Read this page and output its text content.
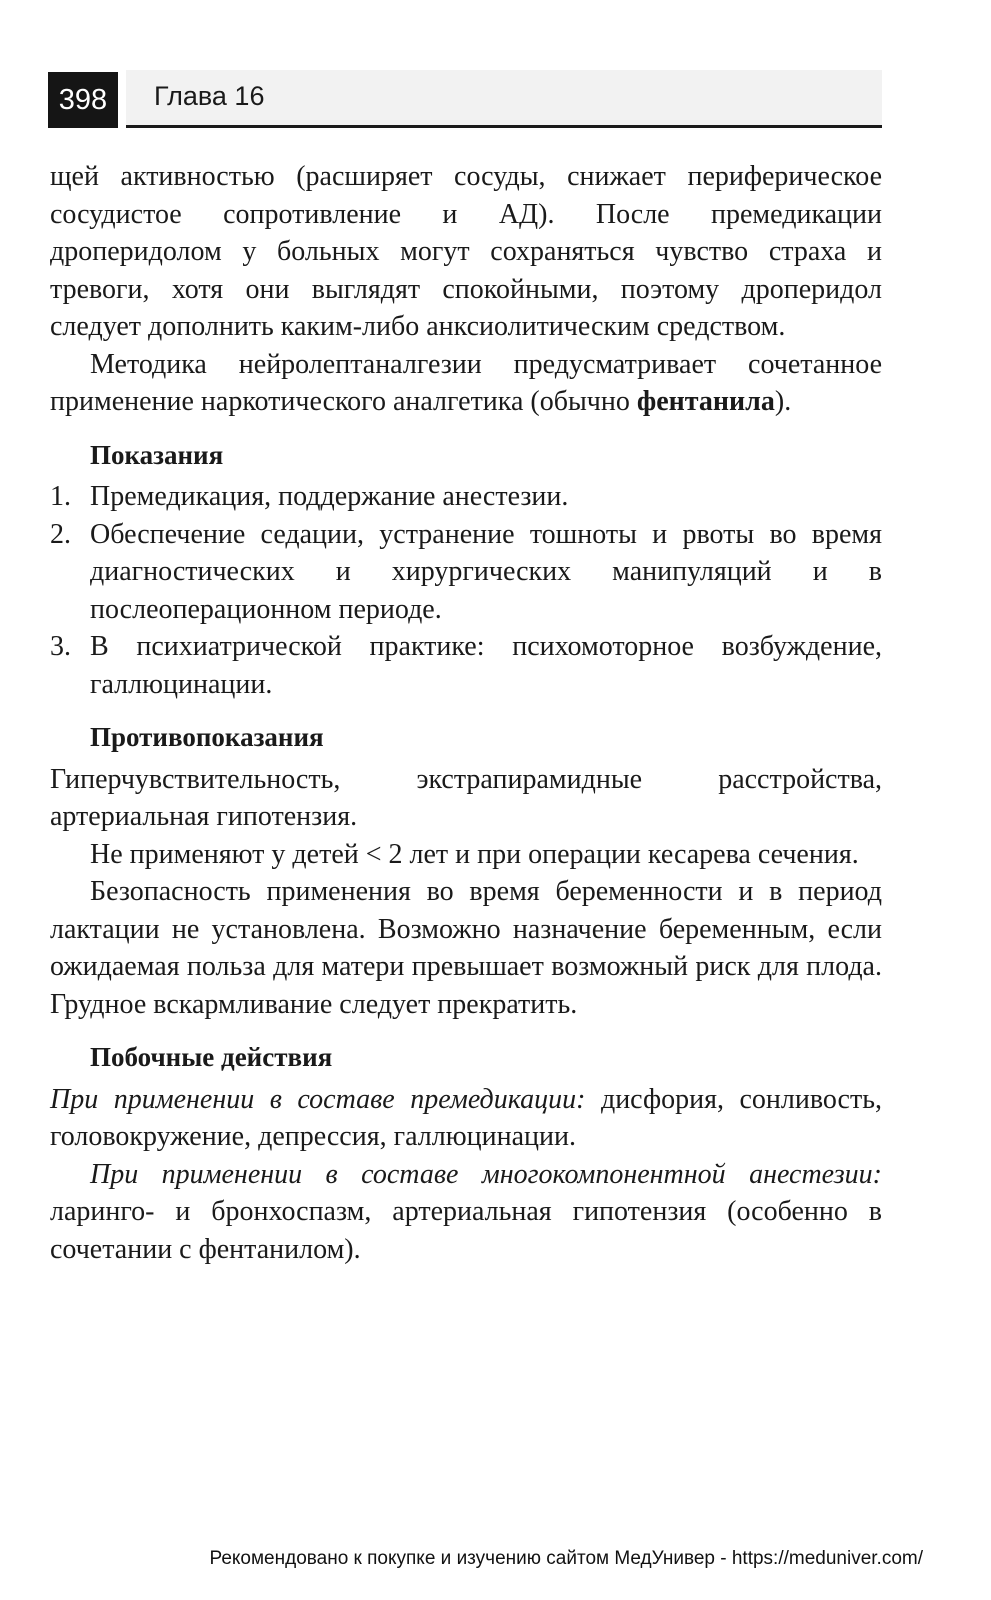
398	Глава 16

щей активностью (расширяет сосуды, снижает периферическое сосудистое сопротивление и АД). После премедикации дроперидолом у больных могут сохраняться чувство страха и тревоги, хотя они выглядят спокойными, поэтому дроперидол следует дополнить каким-либо анксиолитическим средством.

Методика нейролептаналгезии предусматривает сочетанное применение наркотического аналгетика (обычно фентанила).

Показания
1. Премедикация, поддержание анестезии.
2. Обеспечение седации, устранение тошноты и рвоты во время диагностических и хирургических манипуляций и в послеоперационном периоде.
3. В психиатрической практике: психомоторное возбуждение, галлюцинации.
Противопоказания

Гиперчувствительность, экстрапирамидные расстройства, артериальная гипотензия.

Не применяют у детей < 2 лет и при операции кесарева сечения.

Безопасность применения во время беременности и в период лактации не установлена. Возможно назначение беременным, если ожидаемая польза для матери превышает возможный риск для плода. Грудное вскармливание следует прекратить.

Побочные действия

При применении в составе премедикации: дисфория, сонливость, головокружение, депрессия, галлюцинации.

При применении в составе многокомпонентной анестезии: ларинго- и бронхоспазм, артериальная гипотензия (особенно в сочетании с фентанилом).

Рекомендовано к покупке и изучению сайтом МедУнивер - https://meduniver.com/
